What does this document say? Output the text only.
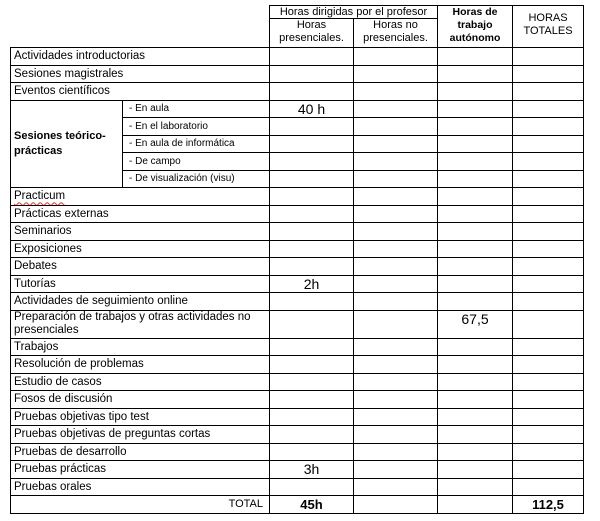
		Horas dirigidas por el profesor		Horas de trabajo autónomo	HORAS TOTALES
		Horas presenciales.	Horas no presenciales.		
Actividades introductorias					
Sesiones magistrales					
Eventos científicos					
Sesiones teórico-prácticas	- En aula	40 h			
	- En el laboratorio				
	- En aula de informática				
	- De campo				
	- De visualización (visu)				
Practicum					
Prácticas externas					
Seminarios					
Exposiciones					
Debates					
Tutorías		2h			
Actividades de seguimiento online					
Preparación de trabajos y otras actividades no presenciales				67,5	
Trabajos					
Resolución de problemas					
Estudio de casos					
Fosos de discusión					
Pruebas objetivas tipo test					
Pruebas objetivas de preguntas cortas					
Pruebas de desarrollo					
Pruebas prácticas		3h			
Pruebas orales					
TOTAL		45h			112,5
